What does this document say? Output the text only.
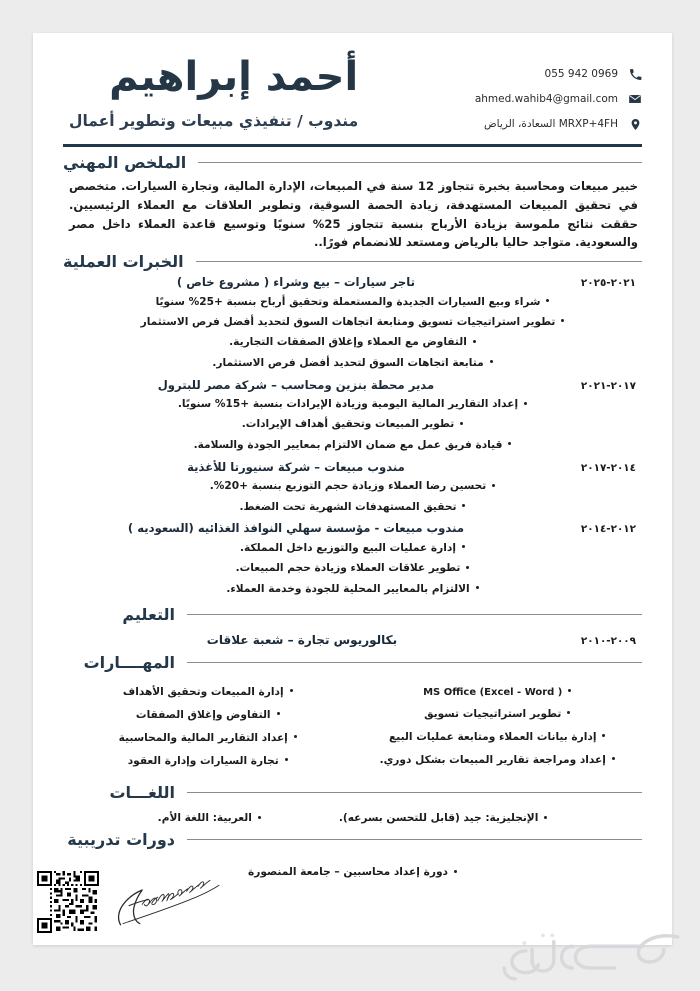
أحمد إبراهيم
مندوب / تنفيذي مبيعات وتطوير أعمال
055 942 0969
ahmed.wahib4@gmail.com
MRXP+4FH السعادة، الرياض
الملخص المهني

خبير مبيعات ومحاسبة بخبرة تتجاوز 12 سنة في المبيعات، الإدارة المالية، وتجارة السيارات. متخصص في تحقيق المبيعات المستهدفة، زيادة الحصة السوقية، وتطوير العلاقات مع العملاء الرئيسيين. حققت نتائج ملموسة بزيادة الأرباح بنسبة تتجاوز 25% سنويًا وتوسيع قاعدة العملاء داخل مصر والسعودية. متواجد حاليا بالرياض ومستعد للانضمام فورًا..

الخبرات العملية
٢٠٢١-٢٠٢٥
تاجر سيارات – بيع وشراء ( مشروع خاص )
شراء وبيع السيارات الجديدة والمستعملة وتحقيق أرباح بنسبة +25% سنويًا
تطوير استراتيجيات تسويق ومتابعة اتجاهات السوق لتحديد أفضل فرص الاستثمار
التفاوض مع العملاء وإغلاق الصفقات التجارية.
متابعة اتجاهات السوق لتحديد أفضل فرص الاستثمار.
٢٠١٧-٢٠٢١
مدير محطة بنزين ومحاسب – شركة مصر للبترول
إعداد التقارير المالية اليومية وزيادة الإيرادات بنسبة +15% سنويًا.
تطوير المبيعات وتحقيق أهداف الإيرادات.
قيادة فريق عمل مع ضمان الالتزام بمعايير الجودة والسلامة.
٢٠١٤-٢٠١٧
مندوب مبيعات – شركة سنيورتا للأغذية
تحسين رضا العملاء وزيادة حجم التوزيع بنسبة +20%.
تحقيق المستهدفات الشهرية تحت الضغط.
٢٠١٢-٢٠١٤
مندوب مبيعات - مؤسسة سهلي النوافذ الغذائيه (السعوديه )
إدارة عمليات البيع والتوزيع داخل المملكة.
تطوير علاقات العملاء وزيادة حجم المبيعات.
الالتزام بالمعايير المحلية للجودة وخدمة العملاء.
التعليم
٢٠٠٩-٢٠١٠
بكالوريوس تجارة – شعبة علاقات
المهــــارات
MS Office (Excel - Word )
تطوير استراتيجيات تسويق
إدارة بيانات العملاء ومتابعة عمليات البيع
إعداد ومراجعة تقارير المبيعات بشكل دوري.
إدارة المبيعات وتحقيق الأهداف
التفاوض وإغلاق الصفقات
إعداد التقارير المالية والمحاسبية
تجارة السيارات وإدارة العقود
اللغـــات
الإنجليزية: جيد (قابل للتحسن بسرعه).
العربية: اللغة الأم.
دورات تدريبية
دورة إعداد محاسبين – جامعة المنصورة
